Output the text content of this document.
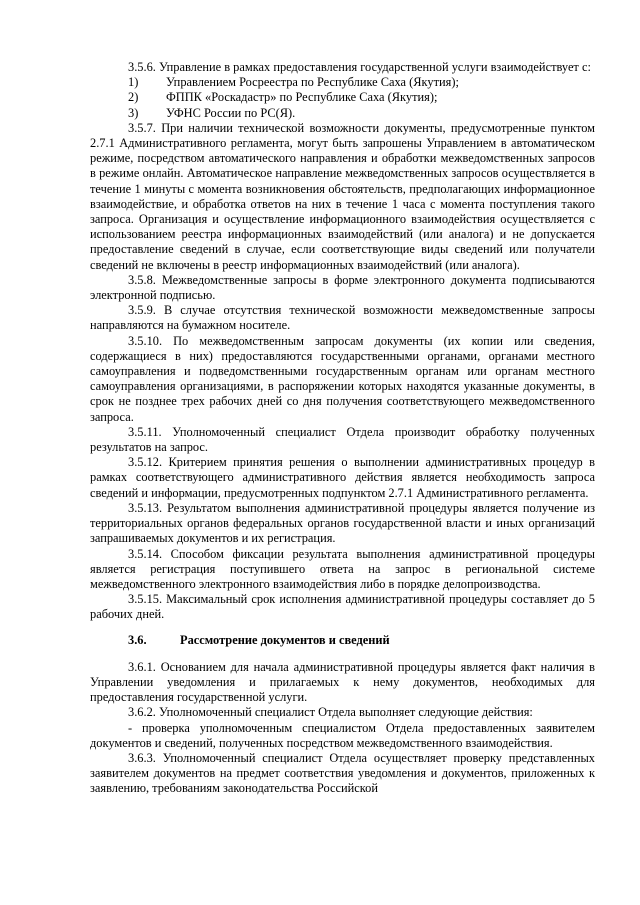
3.5.6. Управление в рамках предоставления государственной услуги взаимодействует с:

1)	Управлением Росреестра по Республике Саха (Якутия);
2)	ФППК «Роскадастр» по Республике Саха (Якутия);
3)	УФНС России по РС(Я).

3.5.7. При наличии технической возможности документы, предусмотренные пунктом 2.7.1 Административного регламента, могут быть запрошены Управлением в автоматическом режиме, посредством автоматического направления и обработки межведомственных запросов в режиме онлайн. Автоматическое направление межведомственных запросов осуществляется в течение 1 минуты с момента возникновения обстоятельств, предполагающих информационное взаимодействие, и обработка ответов на них в течение 1 часа с момента поступления такого запроса. Организация и осуществление информационного взаимодействия осуществляется с использованием реестра информационных взаимодействий (или аналога) и не допускается предоставление сведений в случае, если соответствующие виды сведений или получатели сведений не включены в реестр информационных взаимодействий (или аналога).

3.5.8. Межведомственные запросы в форме электронного документа подписываются электронной подписью.

3.5.9. В случае отсутствия технической возможности межведомственные запросы направляются на бумажном носителе.

3.5.10. По межведомственным запросам документы (их копии или сведения, содержащиеся в них) предоставляются государственными органами, органами местного самоуправления и подведомственными государственным органам или органам местного самоуправления организациями, в распоряжении которых находятся указанные документы, в срок не позднее трех рабочих дней со дня получения соответствующего межведомственного запроса.

3.5.11. Уполномоченный специалист Отдела производит обработку полученных результатов на запрос.

3.5.12. Критерием принятия решения о выполнении административных процедур в рамках соответствующего административного действия является необходимость запроса сведений и информации, предусмотренных подпунктом 2.7.1 Административного регламента.

3.5.13. Результатом выполнения административной процедуры является получение из территориальных органов федеральных органов государственной власти и иных организаций запрашиваемых документов и их регистрация.

3.5.14. Способом фиксации результата выполнения административной процедуры является регистрация поступившего ответа на запрос в региональной системе межведомственного электронного взаимодействия либо в порядке делопроизводства.

3.5.15. Максимальный срок исполнения административной процедуры составляет до 5 рабочих дней.

3.6.	Рассмотрение документов и сведений

3.6.1. Основанием для начала административной процедуры является факт наличия в Управлении уведомления и прилагаемых к нему документов, необходимых для предоставления государственной услуги.

3.6.2. Уполномоченный специалист Отдела выполняет следующие действия:

- проверка уполномоченным специалистом Отдела предоставленных заявителем документов и сведений, полученных посредством межведомственного взаимодействия.

3.6.3. Уполномоченный специалист Отдела осуществляет проверку представленных заявителем документов на предмет соответствия уведомления и документов, приложенных к заявлению, требованиям законодательства Российской
